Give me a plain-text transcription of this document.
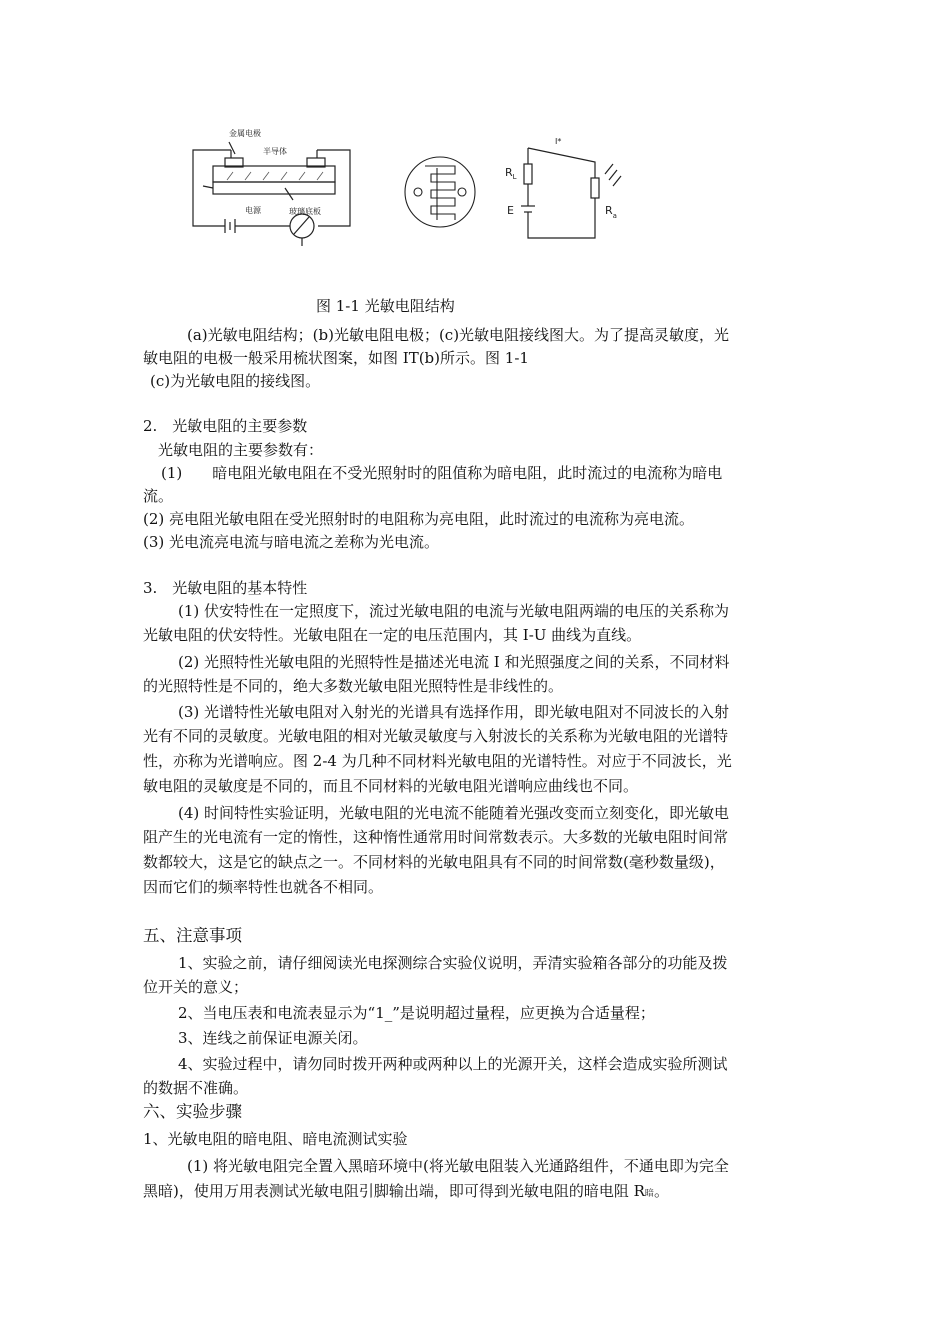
金属电极
半导体
电源	玻璃底板
I*
$R_L$
E	$R_a$
图 1-1 光敏电阻结构
(a)光敏电阻结构；(b)光敏电阻电极；(c)光敏电阻接线图大。为了提高灵敏度，光
敏电阻的电极一般采用梳状图案，如图 IT(b)所示。图 1-1
(c)为光敏电阻的接线图。
2.　光敏电阻的主要参数
光敏电阻的主要参数有：
(1)　　暗电阻光敏电阻在不受光照射时的阻值称为暗电阻，此时流过的电流称为暗电
流。
(2) 亮电阻光敏电阻在受光照射时的电阻称为亮电阻，此时流过的电流称为亮电流。
(3) 光电流亮电流与暗电流之差称为光电流。
3.　光敏电阻的基本特性
(1) 伏安特性在一定照度下，流过光敏电阻的电流与光敏电阻两端的电压的关系称为
光敏电阻的伏安特性。光敏电阻在一定的电压范围内，其 I-U 曲线为直线。
(2) 光照特性光敏电阻的光照特性是描述光电流 I 和光照强度之间的关系，不同材料
的光照特性是不同的，绝大多数光敏电阻光照特性是非线性的。
(3) 光谱特性光敏电阻对入射光的光谱具有选择作用，即光敏电阻对不同波长的入射
光有不同的灵敏度。光敏电阻的相对光敏灵敏度与入射波长的关系称为光敏电阻的光谱特
性，亦称为光谱响应。图 2-4 为几种不同材料光敏电阻的光谱特性。对应于不同波长，光
敏电阻的灵敏度是不同的，而且不同材料的光敏电阻光谱响应曲线也不同。
(4) 时间特性实验证明，光敏电阻的光电流不能随着光强改变而立刻变化，即光敏电
阻产生的光电流有一定的惰性，这种惰性通常用时间常数表示。大多数的光敏电阻时间常
数都较大，这是它的缺点之一。不同材料的光敏电阻具有不同的时间常数(毫秒数量级)，
因而它们的频率特性也就各不相同。
五、注意事项
1、实验之前，请仔细阅读光电探测综合实验仪说明，弄清实验箱各部分的功能及拨
位开关的意义；
2、当电压表和电流表显示为“1_”是说明超过量程，应更换为合适量程；
3、连线之前保证电源关闭。
4、实验过程中，请勿同时拨开两种或两种以上的光源开关，这样会造成实验所测试
的数据不准确。
六、实验步骤
1、光敏电阻的暗电阻、暗电流测试实验
(1) 将光敏电阻完全置入黑暗环境中(将光敏电阻装入光通路组件，不通电即为完全
黑暗)，使用万用表测试光敏电阻引脚输出端，即可得到光敏电阻的暗电阻 R暗。
